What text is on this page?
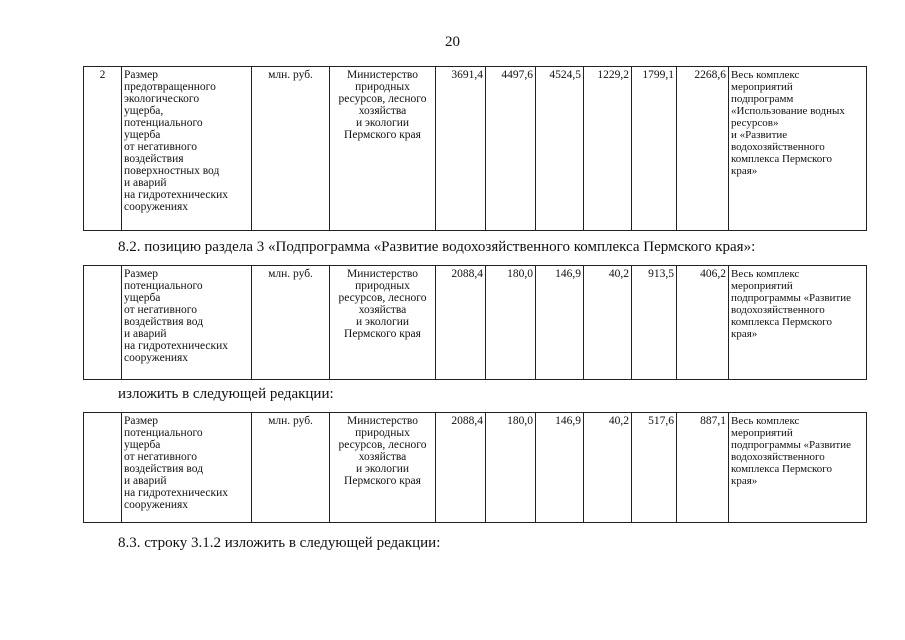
20
2	Размер
предотвращенного
экологического
ущерба,
потенциального
ущерба
от негативного
воздействия
поверхностных вод
и аварий
на гидротехнических
сооружениях	млн. руб.	Министерство
природных
ресурсов, лесного
хозяйства
и экологии
Пермского края	3691,4	4497,6	4524,5	1229,2	1799,1	2268,6	Весь комплекс
мероприятий
подпрограмм
«Использование водных
ресурсов»
и «Развитие
водохозяйственного
комплекса Пермского
края»
8.2. позицию раздела 3 «Подпрограмма «Развитие водохозяйственного комплекса Пермского края»:
	Размер
потенциального
ущерба
от негативного
воздействия вод
и аварий
на гидротехнических
сооружениях	млн. руб.	Министерство
природных
ресурсов, лесного
хозяйства
и экологии
Пермского края	2088,4	180,0	146,9	40,2	913,5	406,2	Весь комплекс
мероприятий
подпрограммы «Развитие
водохозяйственного
комплекса Пермского
края»
изложить в следующей редакции:
	Размер
потенциального
ущерба
от негативного
воздействия вод
и аварий
на гидротехнических
сооружениях	млн. руб.	Министерство
природных
ресурсов, лесного
хозяйства
и экологии
Пермского края	2088,4	180,0	146,9	40,2	517,6	887,1	Весь комплекс
мероприятий
подпрограммы «Развитие
водохозяйственного
комплекса Пермского
края»
8.3. строку 3.1.2 изложить в следующей редакции:
